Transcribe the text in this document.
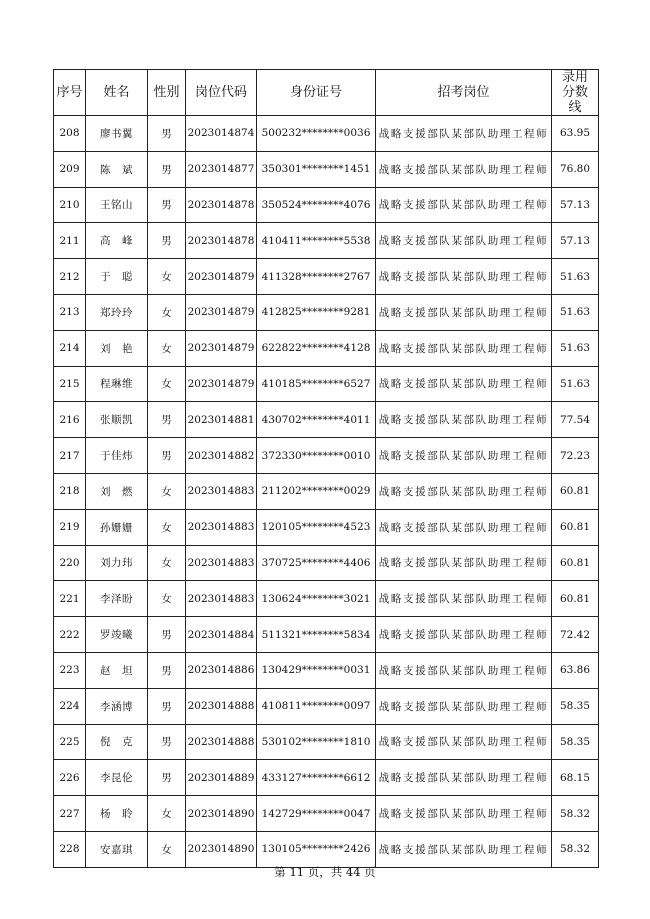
序号	姓名	性别	岗位代码	身份证号	招考岗位	录用分数线
208	廖书翼	男	2023014874	500232********0036	战略支援部队某部队助理工程师	63.95
209	陈　斌	男	2023014877	350301********1451	战略支援部队某部队助理工程师	76.80
210	王铭山	男	2023014878	350524********4076	战略支援部队某部队助理工程师	57.13
211	高　峰	男	2023014878	410411********5538	战略支援部队某部队助理工程师	57.13
212	于　聪	女	2023014879	411328********2767	战略支援部队某部队助理工程师	51.63
213	郑玲玲	女	2023014879	412825********9281	战略支援部队某部队助理工程师	51.63
214	刘　艳	女	2023014879	622822********4128	战略支援部队某部队助理工程师	51.63
215	程琳维	女	2023014879	410185********6527	战略支援部队某部队助理工程师	51.63
216	张顺凯	男	2023014881	430702********4011	战略支援部队某部队助理工程师	77.54
217	于佳炜	男	2023014882	372330********0010	战略支援部队某部队助理工程师	72.23
218	刘　燃	女	2023014883	211202********0029	战略支援部队某部队助理工程师	60.81
219	孙姗姗	女	2023014883	120105********4523	战略支援部队某部队助理工程师	60.81
220	刘力玮	女	2023014883	370725********4406	战略支援部队某部队助理工程师	60.81
221	李泽盼	女	2023014883	130624********3021	战略支援部队某部队助理工程师	60.81
222	罗竣曦	男	2023014884	511321********5834	战略支援部队某部队助理工程师	72.42
223	赵　坦	男	2023014886	130429********0031	战略支援部队某部队助理工程师	63.86
224	李涵博	男	2023014888	410811********0097	战略支援部队某部队助理工程师	58.35
225	倪　克	男	2023014888	530102********1810	战略支援部队某部队助理工程师	58.35
226	李昆伦	男	2023014889	433127********6612	战略支援部队某部队助理工程师	68.15
227	杨　聆	女	2023014890	142729********0047	战略支援部队某部队助理工程师	58.32
228	安嘉琪	女	2023014890	130105********2426	战略支援部队某部队助理工程师	58.32
第 11 页，共 44 页
